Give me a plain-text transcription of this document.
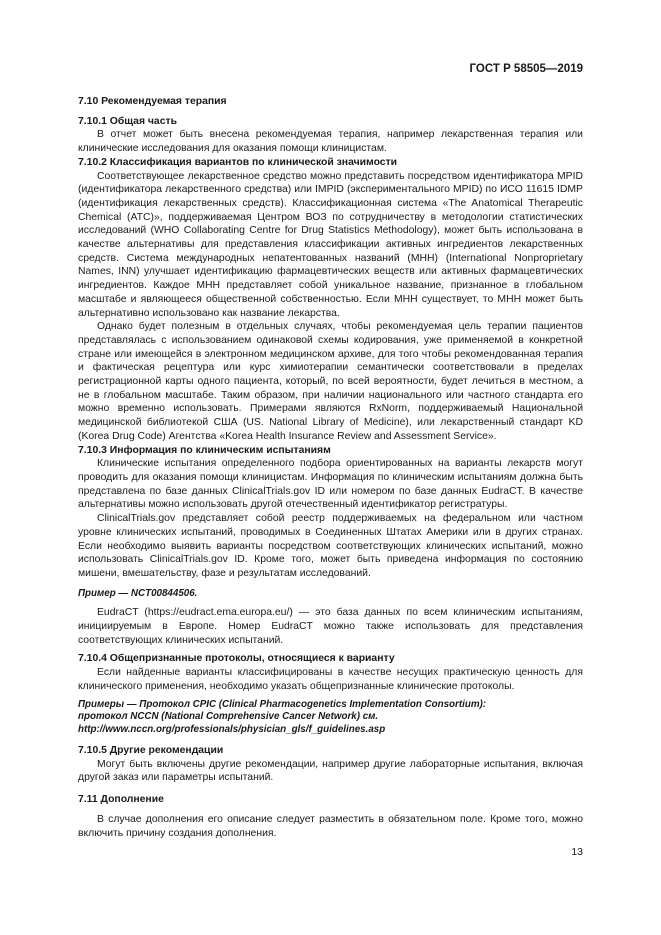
ГОСТ Р 58505—2019
7.10 Рекомендуемая терапия
7.10.1 Общая часть

В отчет может быть внесена рекомендуемая терапия, например лекарственная терапия или клинические исследования для оказания помощи клиницистам.

7.10.2 Классификация вариантов по клинической значимости

Соответствующее лекарственное средство можно представить посредством идентификатора MPID (идентификатора лекарственного средства) или IMPID (экспериментального MPID) по ИСО 11615 IDMP (идентификация лекарственных средств). Классификационная система «The Anatomical Therapeutic Chemical (ATC)», поддерживаемая Центром ВОЗ по сотрудничеству в методологии статистических исследований (WHO Collaborating Centre for Drug Statistics Methodology), может быть использована в качестве альтернативы для представления классификации активных ингредиентов лекарственных средств. Система международных непатентованных названий (МНН) (International Nonproprietary Names, INN) улучшает идентификацию фармацевтических веществ или активных фармацевтических ингредиентов. Каждое МНН представляет собой уникальное название, признанное в глобальном масштабе и являющееся общественной собственностью. Если МНН существует, то МНН может быть альтернативно использовано как название лекарства.

Однако будет полезным в отдельных случаях, чтобы рекомендуемая цель терапии пациентов представлялась с использованием одинаковой схемы кодирования, уже применяемой в конкретной стране или имеющейся в электронном медицинском архиве, для того чтобы рекомендованная терапия и фактическая рецептура или курс химиотерапии семантически соответствовали в пределах регистрационной карты одного пациента, который, по всей вероятности, будет лечиться в местном, а не в глобальном масштабе. Таким образом, при наличии национального или частного стандарта его можно временно использовать. Примерами являются RxNorm, поддерживаемый Национальной медицинской библиотекой США (US. National Library of Medicine), или лекарственный стандарт KD (Korea Drug Code) Агентства «Korea Health Insurance Review and Assessment Service».

7.10.3 Информация по клиническим испытаниям

Клинические испытания определенного подбора ориентированных на варианты лекарств могут проводить для оказания помощи клиницистам. Информация по клиническим испытаниям должна быть представлена по базе данных ClinicalTrials.gov ID или номером по базе данных EudraCT. В качестве альтернативы можно использовать другой отечественный идентификатор регистратуры.

ClinicalTrials.gov представляет собой реестр поддерживаемых на федеральном или частном уровне клинических испытаний, проводимых в Соединенных Штатах Америки или в других странах. Если необходимо выявить варианты посредством соответствующих клинических испытаний, можно использовать ClinicalTrials.gov ID. Кроме того, может быть приведена информация по состоянию мишени, вмешательству, фазе и результатам исследований.

Пример — NCT00844506.

EudraCT (https://eudract.ema.europa.eu/) — это база данных по всем клиническим испытаниям, инициируемым в Европе. Номер EudraCT можно также использовать для представления соответствующих клинических испытаний.

7.10.4 Общепризнанные протоколы, относящиеся к варианту

Если найденные варианты классифицированы в качестве несущих практическую ценность для клинического применения, необходимо указать общепризнанные клинические протоколы.

Примеры — Протокол CPIC (Clinical Pharmacogenetics Implementation Consortium):
протокол NCCN (National Comprehensive Cancer Network) см. http://www.nccn.org/professionals/physician_gls/f_guidelines.asp
7.10.5 Другие рекомендации

Могут быть включены другие рекомендации, например другие лабораторные испытания, включая другой заказ или параметры испытаний.

7.11 Дополнение

В случае дополнения его описание следует разместить в обязательном поле. Кроме того, можно включить причину создания дополнения.

13
